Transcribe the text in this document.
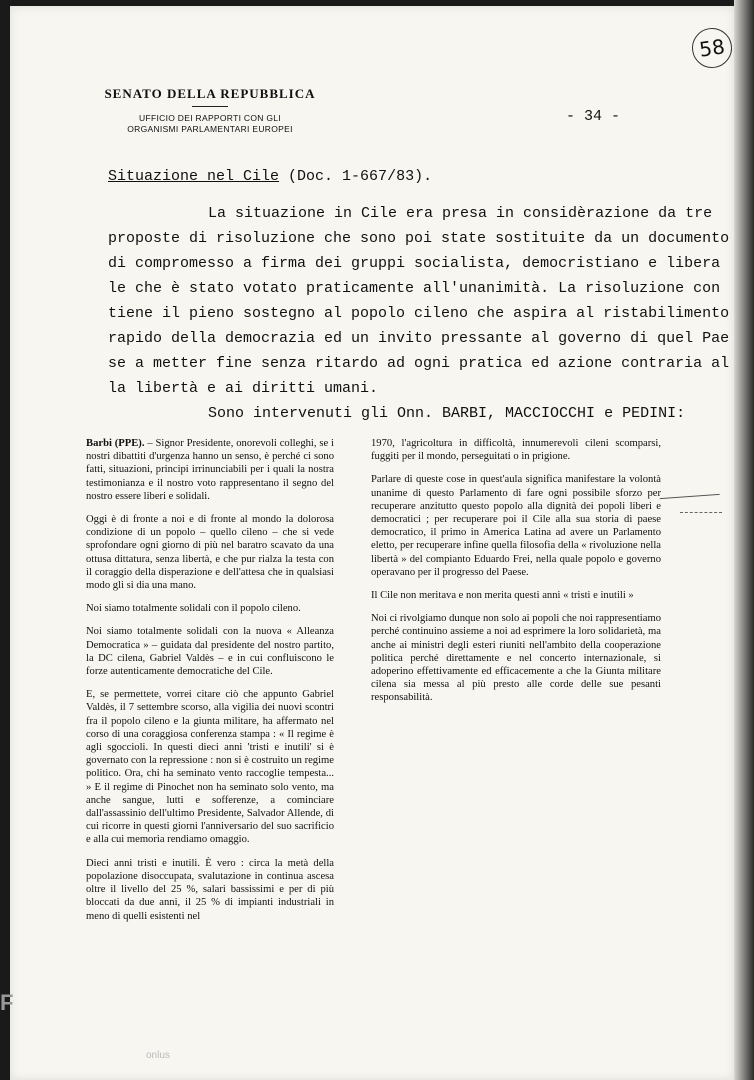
58
SENATO DELLA REPUBBLICA
UFFICIO DEI RAPPORTI CON GLI
ORGANISMI PARLAMENTARI EUROPEI
- 34 -
Situazione nel Cile (Doc. 1-667/83).
La situazione in Cile era presa in considèrazione da tre
proposte di risoluzione che sono poi state sostituite da un documento
di compromesso a firma dei gruppi socialista, democristiano e libera
le che è stato votato praticamente all'unanimità. La risoluzione con
tiene il pieno sostegno al popolo cileno che aspira al ristabilimento
rapido della democrazia ed un invito pressante al governo di quel Pae
se a metter fine senza ritardo ad ogni pratica ed azione contraria al
la libertà e ai diritti umani.
Sono intervenuti gli Onn. BARBI, MACCIOCCHI e PEDINI:

Barbi (PPE). – Signor Presidente, onorevoli colleghi, se i nostri dibattiti d'urgenza hanno un senso, è perché ci sono fatti, situazioni, principi irrinunciabili per i quali la nostra testimonianza e il nostro voto rappresentano il segno del nostro essere liberi e solidali.

Oggi è di fronte a noi e di fronte al mondo la dolorosa condizione di un popolo – quello cileno – che si vede sprofondare ogni giorno di più nel baratro scavato da una ottusa dittatura, senza libertà, e che pur rialza la testa con il coraggio della disperazione e dell'attesa che in qualsiasi modo gli si dia una mano.

Noi siamo totalmente solidali con il popolo cileno.

Noi siamo totalmente solidali con la nuova « Alleanza Democratica » – guidata dal presidente del nostro partito, la DC cilena, Gabriel Valdès – e in cui confluiscono le forze autenticamente democratiche del Cile.

E, se permettete, vorrei citare ciò che appunto Gabriel Valdès, il 7 settembre scorso, alla vigilia dei nuovi scontri fra il popolo cileno e la giunta militare, ha affermato nel corso di una coraggiosa conferenza stampa : « Il regime è agli sgoccioli. In questi dieci anni 'tristi e inutili' si è governato con la repressione : non si è costruito un regime politico. Ora, chi ha seminato vento raccoglie tempesta... » E il regime di Pinochet non ha seminato solo vento, ma anche sangue, lutti e sofferenze, a cominciare dall'assassinio dell'ultimo Presidente, Salvador Allende, di cui ricorre in questi giorni l'anniversario del suo sacrificio e alla cui memoria rendiamo omaggio.

Dieci anni tristi e inutili. È vero : circa la metà della popolazione disoccupata, svalutazione in continua ascesa oltre il livello del 25 %, salari bassissimi e per di più bloccati da due anni, il 25 % di impianti industriali in meno di quelli esistenti nel

1970, l'agricoltura in difficoltà, innumerevoli cileni scomparsi, fuggiti per il mondo, perseguitati o in prigione.

Parlare di queste cose in quest'aula significa manifestare la volontà unanime di questo Parlamento di fare ogni possibile sforzo per recuperare anzitutto questo popolo alla dignità dei popoli liberi e democratici ; per recuperare poi il Cile alla sua storia di paese democratico, il primo in America Latina ad avere un Parlamento eletto, per recuperare infine quella filosofia della « rivoluzione nella libertà » del compianto Eduardo Frei, nella quale popolo e governo operavano per il progresso del Paese.

Il Cile non meritava e non merita questi anni « tristi e inutili »

Noi ci rivolgiamo dunque non solo ai popoli che noi rappresentiamo perché continuino assieme a noi ad esprimere la loro solidarietà, ma anche ai ministri degli esteri riuniti nell'ambito della cooperazione politica perché direttamente e nel concerto internazionale, si adoperino effettivamente ed efficacemente a che la Giunta militare cilena sia messa al più presto alle corde delle sue pesanti responsabilità.

F
onlus
